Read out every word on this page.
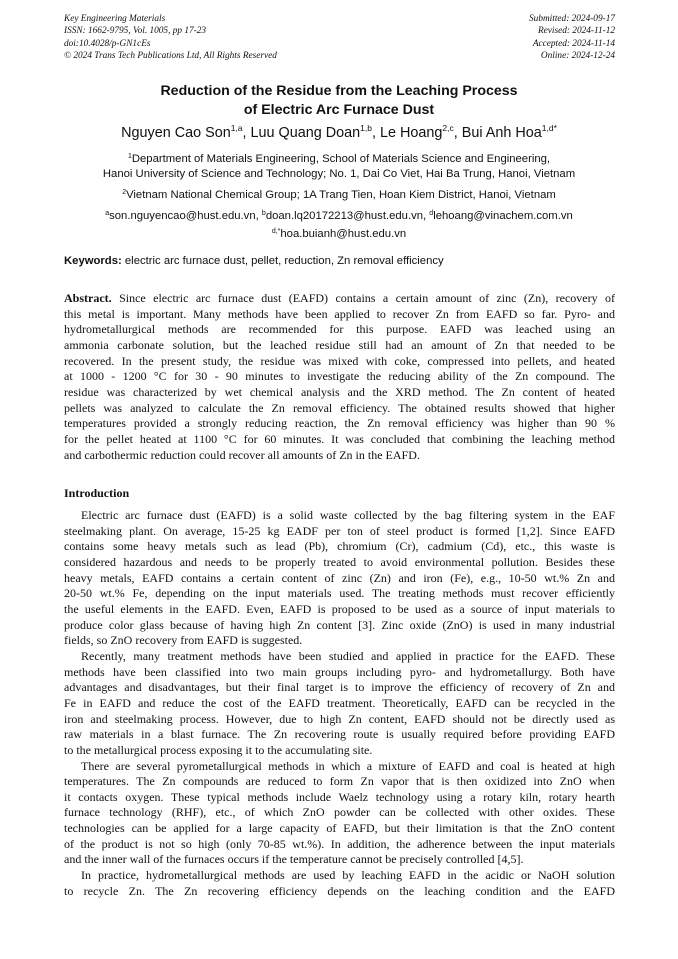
Key Engineering Materials
ISSN: 1662-9795, Vol. 1005, pp 17-23
doi:10.4028/p-GN1cEs
© 2024 Trans Tech Publications Ltd, All Rights Reserved
Submitted: 2024-09-17
Revised: 2024-11-12
Accepted: 2024-11-14
Online: 2024-12-24
Reduction of the Residue from the Leaching Process
of Electric Arc Furnace Dust
Nguyen Cao Son$^{1,a}$, Luu Quang Doan$^{1,b}$, Le Hoang$^{2,c}$, Bui Anh Hoa$^{1,d*}$
$^1$Department of Materials Engineering, School of Materials Science and Engineering,
Hanoi University of Science and Technology; No. 1, Dai Co Viet, Hai Ba Trung, Hanoi, Vietnam
$^2$Vietnam National Chemical Group; 1A Trang Tien, Hoan Kiem District, Hanoi, Vietnam
$^a$son.nguyencao@hust.edu.vn, $^b$doan.lq20172213@hust.edu.vn, $^d$lehoang@vinachem.com.vn
$^{d,*}$hoa.buianh@hust.edu.vn
Keywords: electric arc furnace dust, pellet, reduction, Zn removal efficiency
Abstract. Since electric arc furnace dust (EAFD) contains a certain amount of zinc (Zn), recovery of
this metal is important. Many methods have been applied to recover Zn from EAFD so far. Pyro- and
hydrometallurgical methods are recommended for this purpose. EAFD was leached using an
ammonia carbonate solution, but the leached residue still had an amount of Zn that needed to be
recovered. In the present study, the residue was mixed with coke, compressed into pellets, and heated
at 1000 - 1200 °C for 30 - 90 minutes to investigate the reducing ability of the Zn compound. The
residue was characterized by wet chemical analysis and the XRD method. The Zn content of heated
pellets was analyzed to calculate the Zn removal efficiency. The obtained results showed that higher
temperatures provided a strongly reducing reaction, the Zn removal efficiency was higher than 90 %
for the pellet heated at 1100 °C for 60 minutes. It was concluded that combining the leaching method
and carbothermic reduction could recover all amounts of Zn in the EAFD.
Introduction
Electric arc furnace dust (EAFD) is a solid waste collected by the bag filtering system in the EAF
steelmaking plant. On average, 15-25 kg EADF per ton of steel product is formed [1,2]. Since EAFD
contains some heavy metals such as lead (Pb), chromium (Cr), cadmium (Cd), etc., this waste is
considered hazardous and needs to be properly treated to avoid environmental pollution. Besides these
heavy metals, EAFD contains a certain content of zinc (Zn) and iron (Fe), e.g., 10-50 wt.% Zn and
20-50 wt.% Fe, depending on the input materials used. The treating methods must recover efficiently
the useful elements in the EAFD. Even, EAFD is proposed to be used as a source of input materials to
produce color glass because of having high Zn content [3]. Zinc oxide (ZnO) is used in many industrial
fields, so ZnO recovery from EAFD is suggested.
Recently, many treatment methods have been studied and applied in practice for the EAFD. These
methods have been classified into two main groups including pyro- and hydrometallurgy. Both have
advantages and disadvantages, but their final target is to improve the efficiency of recovery of Zn and
Fe in EAFD and reduce the cost of the EAFD treatment. Theoretically, EAFD can be recycled in the
iron and steelmaking process. However, due to high Zn content, EAFD should not be directly used as
raw materials in a blast furnace. The Zn recovering route is usually required before providing EAFD
to the metallurgical process exposing it to the accumulating site.
There are several pyrometallurgical methods in which a mixture of EAFD and coal is heated at high
temperatures. The Zn compounds are reduced to form Zn vapor that is then oxidized into ZnO when
it contacts oxygen. These typical methods include Waelz technology using a rotary kiln, rotary hearth
furnace technology (RHF), etc., of which ZnO powder can be collected with other oxides. These
technologies can be applied for a large capacity of EAFD, but their limitation is that the ZnO content
of the product is not so high (only 70-85 wt.%). In addition, the adherence between the input materials
and the inner wall of the furnaces occurs if the temperature cannot be precisely controlled [4,5].
In practice, hydrometallurgical methods are used by leaching EAFD in the acidic or NaOH solution
to recycle Zn. The Zn recovering efficiency depends on the leaching condition and the EAFD
